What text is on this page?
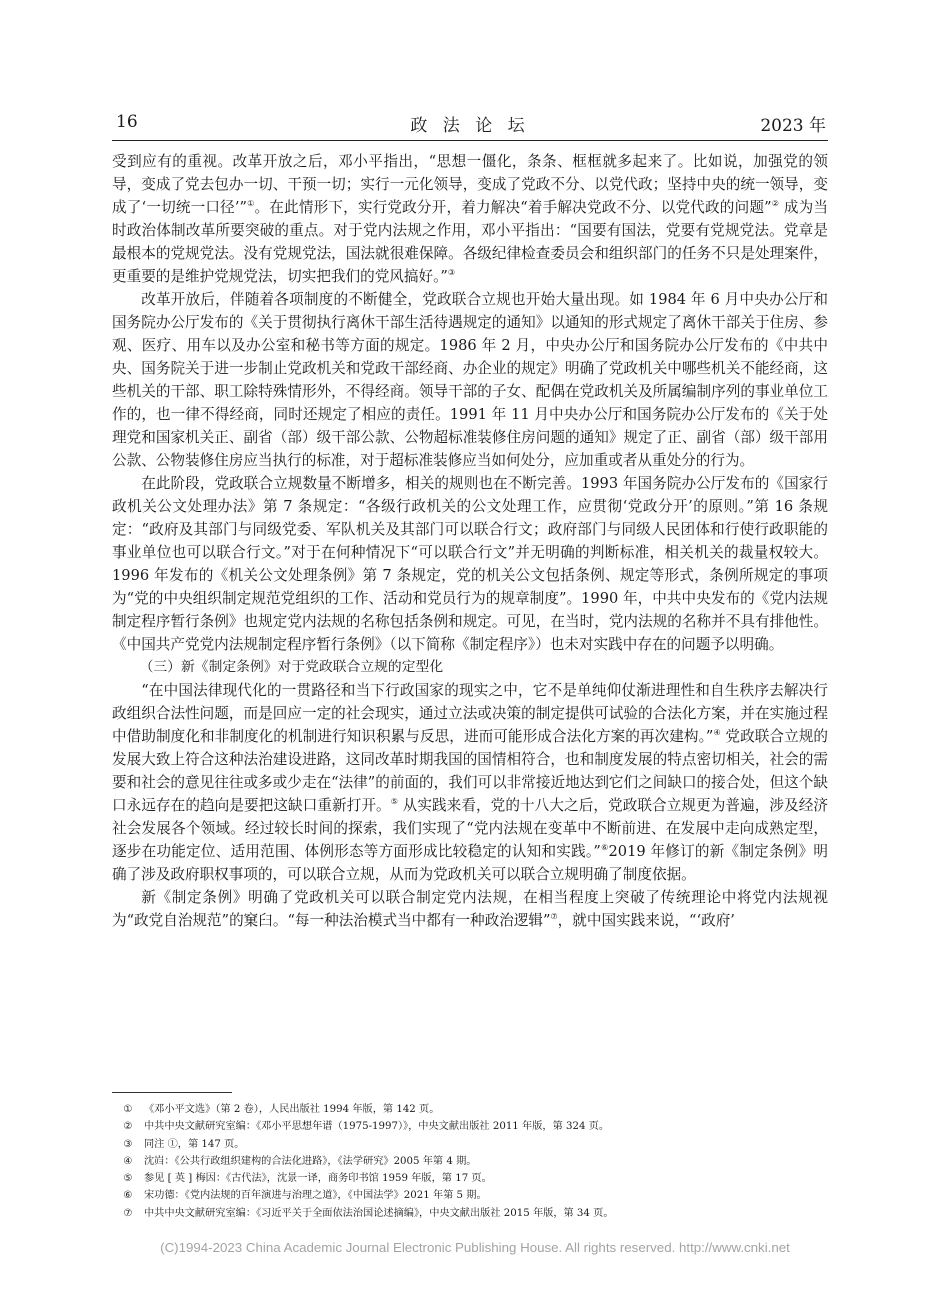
16	政 法 论 坛	2023 年

受到应有的重视。改革开放之后，邓小平指出，“思想一僵化，条条、框框就多起来了。比如说，加强党的领导，变成了党去包办一切、干预一切；实行一元化领导，变成了党政不分、以党代政；坚持中央的统一领导，变成了‘一切统一口径’”①。在此情形下，实行党政分开，着力解决“着手解决党政不分、以党代政的问题”② 成为当时政治体制改革所要突破的重点。对于党内法规之作用，邓小平指出：“国要有国法，党要有党规党法。党章是最根本的党规党法。没有党规党法，国法就很难保障。各级纪律检查委员会和组织部门的任务不只是处理案件，更重要的是维护党规党法，切实把我们的党风搞好。”③

改革开放后，伴随着各项制度的不断健全，党政联合立规也开始大量出现。如 1984 年 6 月中央办公厅和国务院办公厅发布的《关于贯彻执行离休干部生活待遇规定的通知》以通知的形式规定了离休干部关于住房、参观、医疗、用车以及办公室和秘书等方面的规定。1986 年 2 月，中央办公厅和国务院办公厅发布的《中共中央、国务院关于进一步制止党政机关和党政干部经商、办企业的规定》明确了党政机关中哪些机关不能经商，这些机关的干部、职工除特殊情形外，不得经商。领导干部的子女、配偶在党政机关及所属编制序列的事业单位工作的，也一律不得经商，同时还规定了相应的责任。1991 年 11 月中央办公厅和国务院办公厅发布的《关于处理党和国家机关正、副省（部）级干部公款、公物超标准装修住房问题的通知》规定了正、副省（部）级干部用公款、公物装修住房应当执行的标准，对于超标准装修应当如何处分，应加重或者从重处分的行为。

在此阶段，党政联合立规数量不断增多，相关的规则也在不断完善。1993 年国务院办公厅发布的《国家行政机关公文处理办法》第 7 条规定：“各级行政机关的公文处理工作，应贯彻‘党政分开’的原则。”第 16 条规定：“政府及其部门与同级党委、军队机关及其部门可以联合行文；政府部门与同级人民团体和行使行政职能的事业单位也可以联合行文。”对于在何种情况下“可以联合行文”并无明确的判断标准，相关机关的裁量权较大。1996 年发布的《机关公文处理条例》第 7 条规定，党的机关公文包括条例、规定等形式，条例所规定的事项为“党的中央组织制定规范党组织的工作、活动和党员行为的规章制度”。1990 年，中共中央发布的《党内法规制定程序暂行条例》也规定党内法规的名称包括条例和规定。可见，在当时，党内法规的名称并不具有排他性。《中国共产党党内法规制定程序暂行条例》（以下简称《制定程序》）也未对实践中存在的问题予以明确。

（三）新《制定条例》对于党政联合立规的定型化

“在中国法律现代化的一贯路径和当下行政国家的现实之中，它不是单纯仰仗渐进理性和自生秩序去解决行政组织合法性问题，而是回应一定的社会现实，通过立法或决策的制定提供可试验的合法化方案，并在实施过程中借助制度化和非制度化的机制进行知识积累与反思，进而可能形成合法化方案的再次建构。”④ 党政联合立规的发展大致上符合这种法治建设进路，这同改革时期我国的国情相符合，也和制度发展的特点密切相关，社会的需要和社会的意见往往或多或少走在“法律”的前面的，我们可以非常接近地达到它们之间缺口的接合处，但这个缺口永远存在的趋向是要把这缺口重新打开。⑤ 从实践来看，党的十八大之后，党政联合立规更为普遍，涉及经济社会发展各个领域。经过较长时间的探索，我们实现了“党内法规在变革中不断前进、在发展中走向成熟定型，逐步在功能定位、适用范围、体例形态等方面形成比较稳定的认知和实践。”⑥2019 年修订的新《制定条例》明确了涉及政府职权事项的，可以联合立规，从而为党政机关可以联合立规明确了制度依据。

新《制定条例》明确了党政机关可以联合制定党内法规，在相当程度上突破了传统理论中将党内法规视为“政党自治规范”的窠臼。“每一种法治模式当中都有一种政治逻辑”⑦，就中国实践来说，“‘政府’

① 《邓小平文选》（第 2 卷），人民出版社 1994 年版，第 142 页。
② 中共中央文献研究室编：《邓小平思想年谱（1975-1997）》，中央文献出版社 2011 年版，第 324 页。
③ 同注 ①，第 147 页。
④ 沈岿：《公共行政组织建构的合法化进路》，《法学研究》2005 年第 4 期。
⑤ 参见 [ 英 ] 梅因：《古代法》，沈景一译，商务印书馆 1959 年版，第 17 页。
⑥ 宋功德：《党内法规的百年演进与治理之道》，《中国法学》2021 年第 5 期。
⑦ 中共中央文献研究室编：《习近平关于全面依法治国论述摘编》，中央文献出版社 2015 年版，第 34 页。
(C)1994-2023 China Academic Journal Electronic Publishing House. All rights reserved. http://www.cnki.net
